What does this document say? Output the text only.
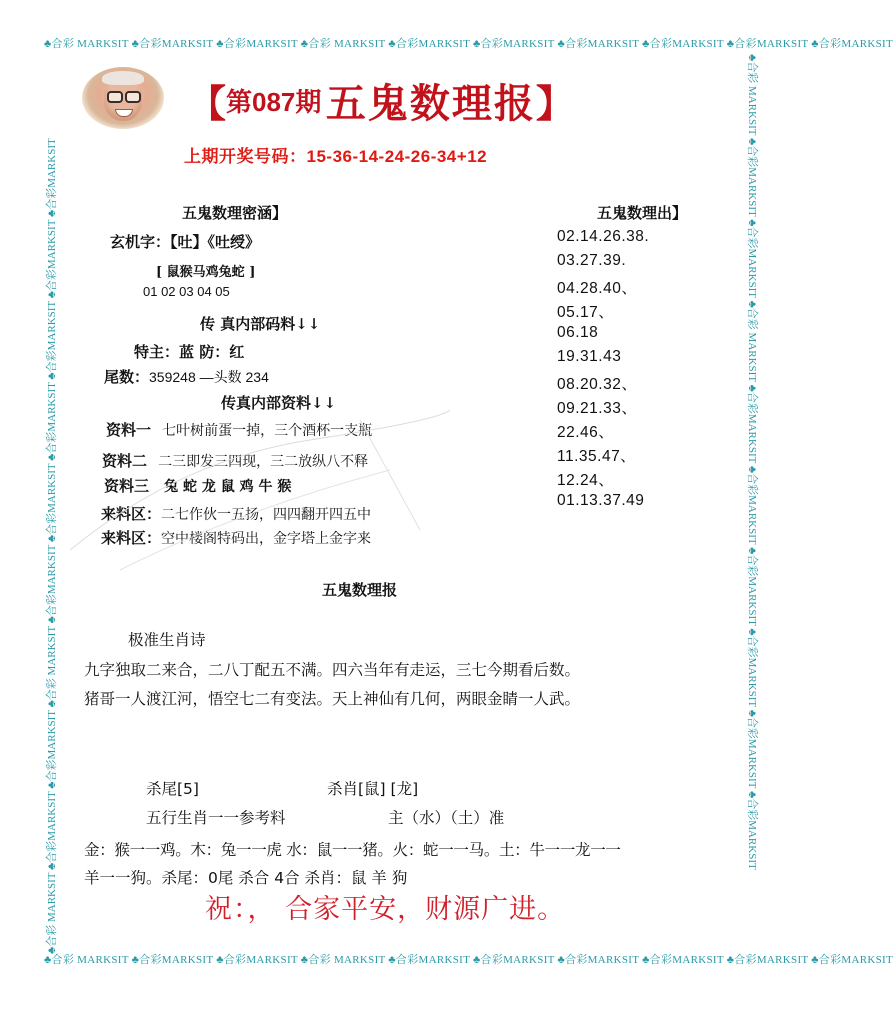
♣合彩 MARKSIT ♣合彩MARKSIT ♣合彩MARKSIT ♣合彩 MARKSIT ♣合彩MARKSIT ♣合彩MARKSIT ♣合彩MARKSIT ♣合彩MARKSIT ♣合彩MARKSIT ♣合彩MARKSIT
♣合彩 MARKSIT ♣合彩MARKSIT ♣合彩MARKSIT ♣合彩 MARKSIT ♣合彩MARKSIT ♣合彩MARKSIT ♣合彩MARKSIT ♣合彩MARKSIT ♣合彩MARKSIT ♣合彩MARKSIT
♣合彩 MARKSIT ♣合彩MARKSIT ♣合彩MARKSIT ♣合彩 MARKSIT ♣合彩MARKSIT ♣合彩MARKSIT ♣合彩MARKSIT ♣合彩MARKSIT ♣合彩MARKSIT ♣合彩MARKSIT	♣合彩 MARKSIT ♣合彩MARKSIT ♣合彩MARKSIT ♣合彩 MARKSIT ♣合彩MARKSIT ♣合彩MARKSIT ♣合彩MARKSIT ♣合彩MARKSIT ♣合彩MARKSIT ♣合彩MARKSIT
【第087期 五鬼数理报】
上期开奖号码：15-36-14-24-26-34+12
五鬼数理密涵】
玄机字：【吐】《吐绶》
[ 鼠猴马鸡兔蛇 ]
01 02 03 04 05
传 真内部码料↓↓
特主：蓝 防：红
尾数：359248 —头数 234
传真内部资料↓↓
资料一 七叶树前蛋一掉，三个酒杯一支瓶
资料二 二三即发三四现，三二放纵八不释
资料三 兔 蛇 龙 鼠 鸡 牛 猴
来料区：二七作伙一五扬，四四翻开四五中
来料区：空中楼阁特码出，金字塔上金字来
五鬼数理出】
02.14.26.38.
03.27.39.
04.28.40、
05.17、
06.18
19.31.43
08.20.32、
09.21.33、
22.46、
11.35.47、
12.24、
01.13.37.49
五鬼数理报
极准生肖诗
九字独取二来合，二八丁配五不满。四六当年有走运，三七今期看后数。
猪哥一人渡江河，悟空七二有变法。天上神仙有几何，两眼金睛一人武。
杀尾[5]	杀肖[鼠] [龙]
五行生肖一一参考料	主（水）（土）准
金：猴一一鸡。木：兔一一虎 水：鼠一一猪。火：蛇一一马。土：牛一一龙一一
羊一一狗。杀尾：0尾 杀合 4合 杀肖：鼠 羊 狗
祝：， 合家平安，财源广进。
